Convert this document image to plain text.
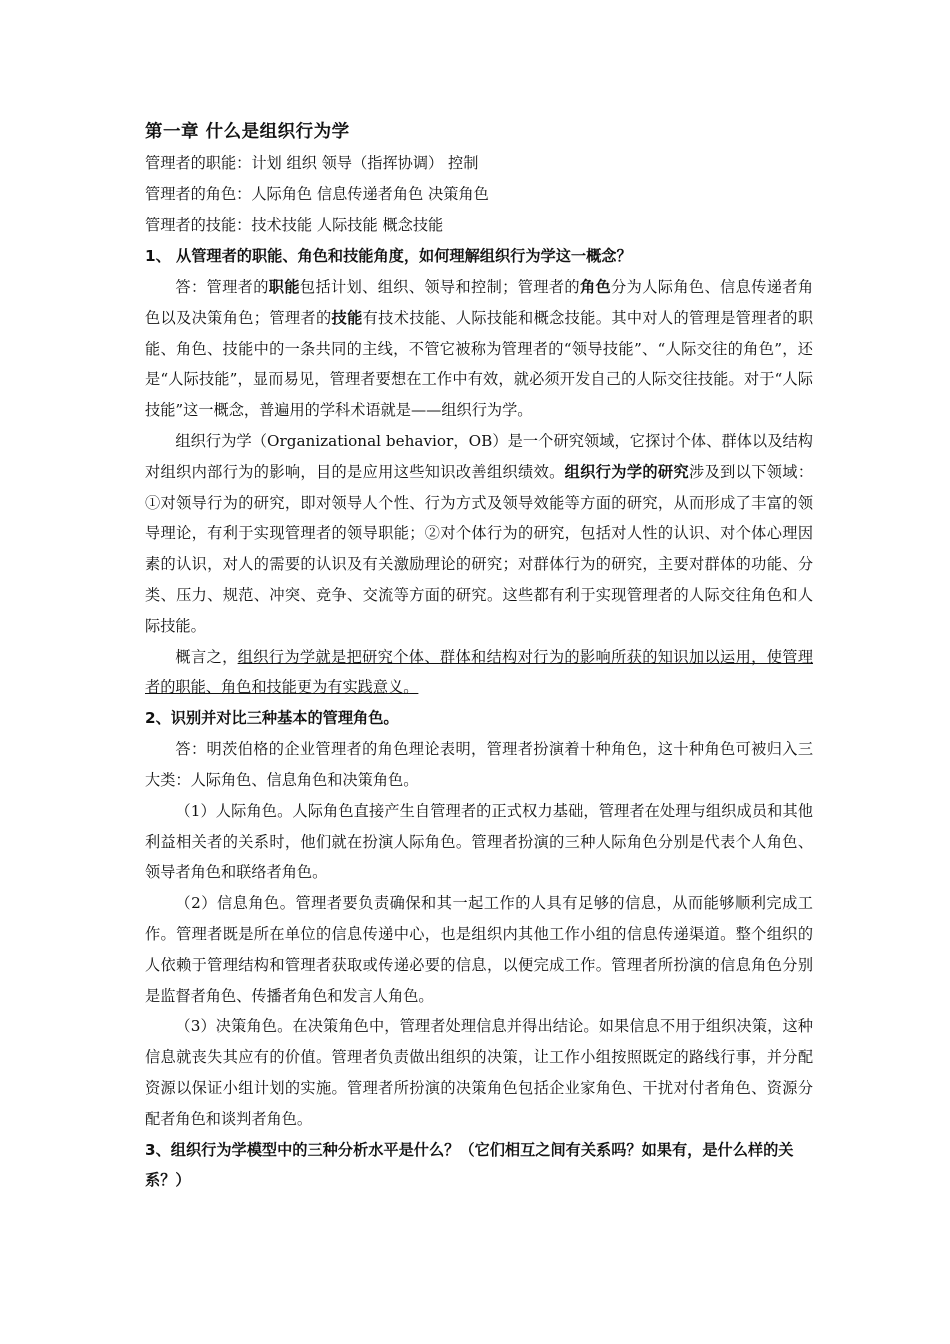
第一章 什么是组织行为学
管理者的职能：计划 组织 领导（指挥协调） 控制
管理者的角色：人际角色 信息传递者角色 决策角色
管理者的技能：技术技能 人际技能 概念技能
1、 从管理者的职能、角色和技能角度，如何理解组织行为学这一概念？

答：管理者的职能包括计划、组织、领导和控制；管理者的角色分为人际角色、信息传递者角色以及决策角色；管理者的技能有技术技能、人际技能和概念技能。其中对人的管理是管理者的职能、角色、技能中的一条共同的主线，不管它被称为管理者的“领导技能”、“人际交往的角色”，还是“人际技能”，显而易见，管理者要想在工作中有效，就必须开发自己的人际交往技能。对于“人际技能”这一概念，普遍用的学科术语就是——组织行为学。

组织行为学（Organizational behavior，OB）是一个研究领域，它探讨个体、群体以及结构对组织内部行为的影响，目的是应用这些知识改善组织绩效。组织行为学的研究涉及到以下领域：①对领导行为的研究，即对领导人个性、行为方式及领导效能等方面的研究，从而形成了丰富的领导理论，有利于实现管理者的领导职能；②对个体行为的研究，包括对人性的认识、对个体心理因素的认识，对人的需要的认识及有关激励理论的研究；对群体行为的研究，主要对群体的功能、分类、压力、规范、冲突、竞争、交流等方面的研究。这些都有利于实现管理者的人际交往角色和人际技能。

概言之，组织行为学就是把研究个体、群体和结构对行为的影响所获的知识加以运用，使管理者的职能、角色和技能更为有实践意义。

2、识别并对比三种基本的管理角色。

答：明茨伯格的企业管理者的角色理论表明，管理者扮演着十种角色，这十种角色可被归入三大类：人际角色、信息角色和决策角色。

（1）人际角色。人际角色直接产生自管理者的正式权力基础，管理者在处理与组织成员和其他利益相关者的关系时，他们就在扮演人际角色。管理者扮演的三种人际角色分别是代表个人角色、领导者角色和联络者角色。

（2）信息角色。管理者要负责确保和其一起工作的人具有足够的信息，从而能够顺利完成工作。管理者既是所在单位的信息传递中心，也是组织内其他工作小组的信息传递渠道。整个组织的人依赖于管理结构和管理者获取或传递必要的信息，以便完成工作。管理者所扮演的信息角色分别是监督者角色、传播者角色和发言人角色。

（3）决策角色。在决策角色中，管理者处理信息并得出结论。如果信息不用于组织决策，这种信息就丧失其应有的价值。管理者负责做出组织的决策，让工作小组按照既定的路线行事，并分配资源以保证小组计划的实施。管理者所扮演的决策角色包括企业家角色、干扰对付者角色、资源分配者角色和谈判者角色。

3、组织行为学模型中的三种分析水平是什么？（它们相互之间有关系吗？如果有，是什么样的关系？）
